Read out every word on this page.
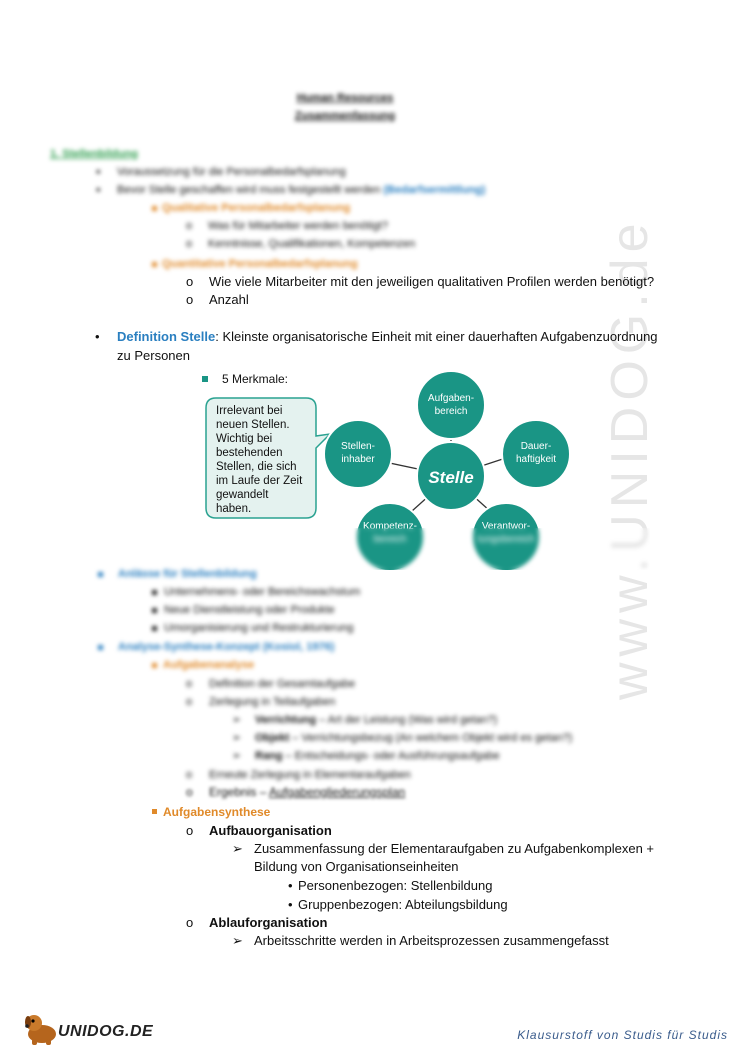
www.UNIDOG.de
Human Resources
Zusammenfassung
1. Stellenbildung
• Voraussetzung für die Personalbedarfsplanung
• Bevor Stelle geschaffen wird muss festgestellt werden (Bedarfsermittlung)
Qualitative Personalbedarfsplanung
o Was für Mitarbeiter werden benötigt?
o Kenntnisse, Qualifikationen, Kompetenzen
Quantitative Personalbedarfsplanung
o Wie viele Mitarbeiter mit den jeweiligen qualitativen Profilen werden benötigt?
o Anzahl
• Definition Stelle: Kleinste organisatorische Einheit mit einer dauerhaften Aufgabenzuordnung
zu Personen
5 Merkmale:
Irrelevant bei
neuen Stellen.
Wichtig bei
bestehenden
Stellen, die sich
im Laufe der Zeit
gewandelt
haben.
Aufgaben-
bereich
Dauer-
haftigkeit
Stellen-
inhaber
Verantwor-
tungsbereich
Kompetenz-
bereich
Stelle
Anlässe für Stellenbildung
Unternehmens- oder Bereichswachstum
Neue Dienstleistung oder Produkte
Umorganisierung und Restrukturierung
Analyse-Synthese-Konzept (Kosiol, 1976)
Aufgabenanalyse
o Definition der Gesamtaufgabe
o Zerlegung in Teilaufgaben
➢ Verrichtung – Art der Leistung (Was wird getan?)
➢ Objekt – Verrichtungsbezug (An welchem Objekt wird es getan?)
➢ Rang – Entscheidungs- oder Ausführungsaufgabe
o Erneute Zerlegung in Elementaraufgaben
o Ergebnis – Aufgabengliederungsplan
Aufgabensynthese
o Aufbauorganisation
➢ Zusammenfassung der Elementaraufgaben zu Aufgabenkomplexen +
Bildung von Organisationseinheiten
• Personenbezogen: Stellenbildung
• Gruppenbezogen: Abteilungsbildung
o Ablauforganisation
➢ Arbeitsschritte werden in Arbeitsprozessen zusammengefasst
UNIDOG.DE	Klausurstoff von Studis für Studis
